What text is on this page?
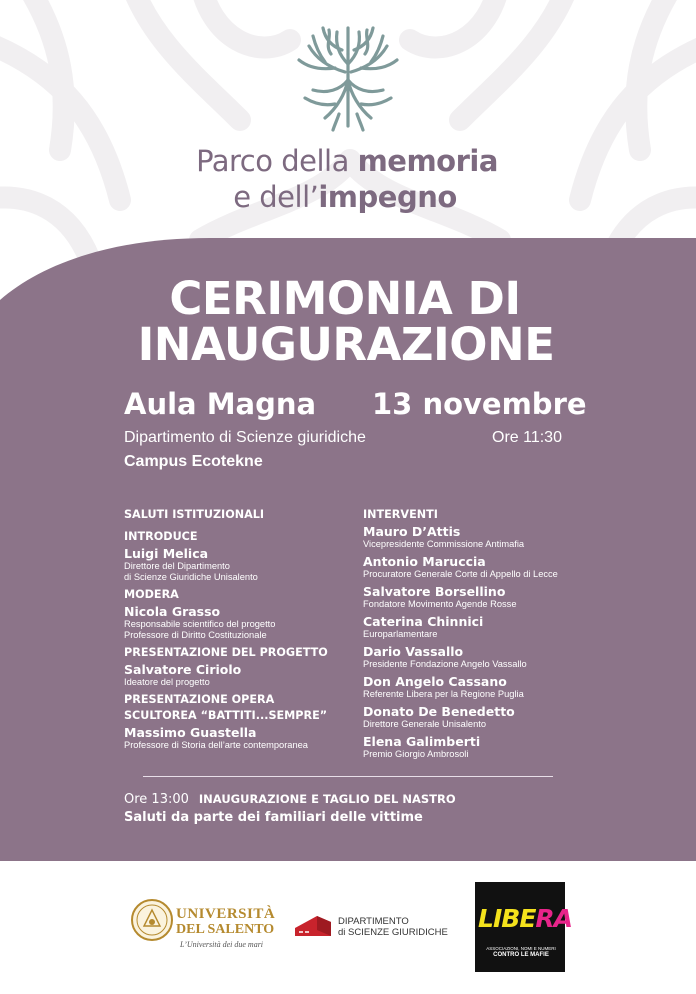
Parco della memoria
e dell’impegno
CERIMONIA DI
INAUGURAZIONE
Aula Magna 13 novembre
Dipartimento di Scienze giuridiche
Campus Ecotekne
Ore 11:30
SALUTI ISTITUZIONALI
INTRODUCE
Luigi Melica
Direttore del Dipartimento
di Scienze Giuridiche Unisalento
MODERA
Nicola Grasso
Responsabile scientifico del progetto
Professore di Diritto Costituzionale
PRESENTAZIONE DEL PROGETTO
Salvatore Ciriolo
Ideatore del progetto
PRESENTAZIONE OPERA
SCULTOREA “BATTITI...SEMPRE”
Massimo Guastella
Professore di Storia dell’arte contemporanea
INTERVENTI
Mauro D’Attis
Vicepresidente Commissione Antimafia
Antonio Maruccia
Procuratore Generale Corte di Appello di Lecce
Salvatore Borsellino
Fondatore Movimento Agende Rosse
Caterina Chinnici
Europarlamentare
Dario Vassallo
Presidente Fondazione Angelo Vassallo
Don Angelo Cassano
Referente Libera per la Regione Puglia
Donato De Benedetto
Direttore Generale Unisalento
Elena Galimberti
Premio Giorgio Ambrosoli
Ore 13:00 INAUGURAZIONE E TAGLIO DEL NASTRO
Saluti da parte dei familiari delle vittime
UNIVERSITÀ
DEL SALENTO
L’Università dei due mari
DIPARTIMENTO
di SCIENZE GIURIDICHE LIBERA
ASSOCIAZIONI, NOMI E NUMERI
CONTRO LE MAFIE
